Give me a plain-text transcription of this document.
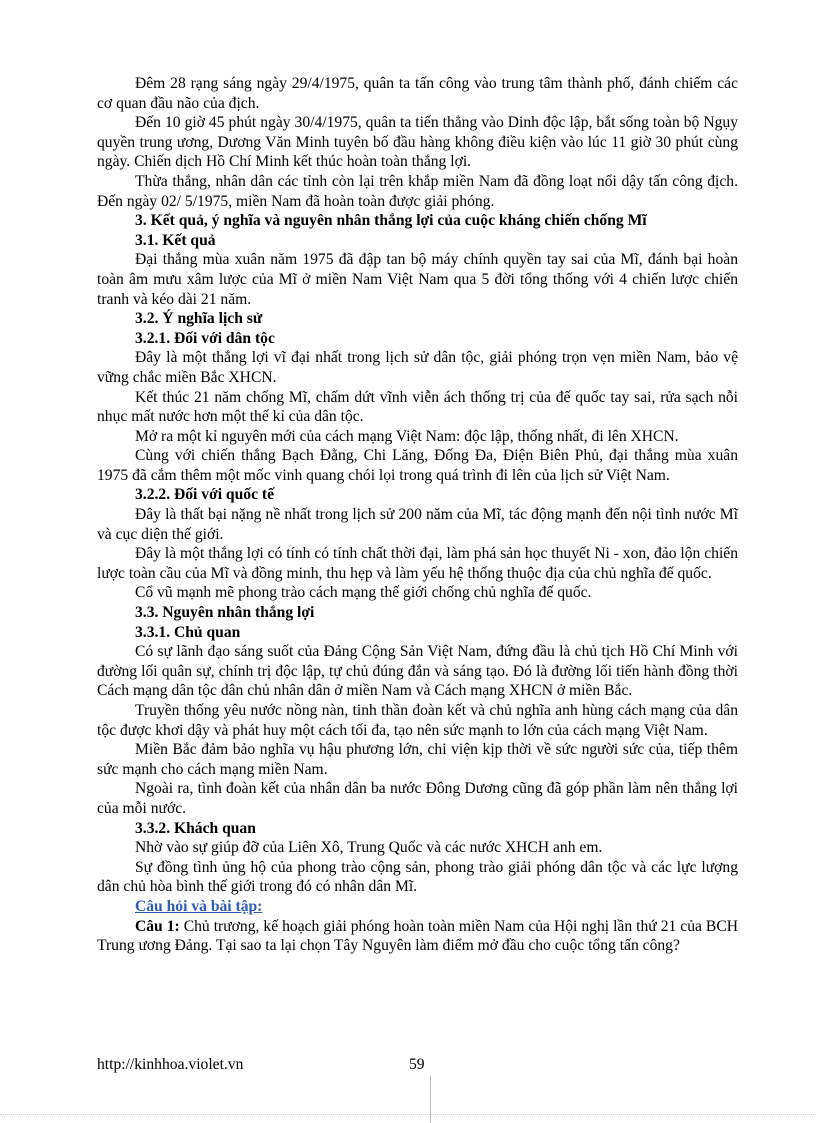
Đêm 28 rạng sáng ngày 29/4/1975, quân ta tấn công vào trung tâm thành phố, đánh chiếm các cơ quan đầu não của địch.

Đến 10 giờ 45 phút ngày 30/4/1975, quân ta tiến thẳng vào Dinh độc lập, bắt sống toàn bộ Ngụy quyền trung ương, Dương Văn Minh tuyên bố đầu hàng không điều kiện vào lúc 11 giờ 30 phút cùng ngày. Chiến dịch Hồ Chí Minh kết thúc hoàn toàn thắng lợi.

Thừa thắng, nhân dân các tỉnh còn lại trên khắp miền Nam đã đồng loạt nổi dậy tấn công địch. Đến ngày 02/ 5/1975, miền Nam đã hoàn toàn được giải phóng.

3. Kết quả, ý nghĩa và nguyên nhân thắng lợi của cuộc kháng chiến chống Mĩ

3.1. Kết quả

Đại thắng mùa xuân năm 1975 đã đập tan bộ máy chính quyền tay sai của Mĩ, đánh bại hoàn toàn âm mưu xâm lược của Mĩ ở miền Nam Việt Nam qua 5 đời tổng thống với 4 chiến lược chiến tranh và kéo dài 21 năm.

3.2. Ý nghĩa lịch sử

3.2.1. Đối với dân tộc

Đây là một thắng lợi vĩ đại nhất trong lịch sử dân tộc, giải phóng trọn vẹn miền Nam, bảo vệ vững chắc miền Bắc XHCN.

Kết thúc 21 năm chống Mĩ, chấm dứt vĩnh viễn ách thống trị của đế quốc tay sai, rửa sạch nỗi nhục mất nước hơn một thế kỉ của dân tộc.

Mở ra một kỉ nguyên mới của cách mạng Việt Nam: độc lập, thống nhất, đi lên XHCN.

Cùng với chiến thắng Bạch Đằng, Chi Lăng, Đống Đa, Điện Biên Phủ, đại thắng mùa xuân 1975 đã cắm thêm một mốc vinh quang chói lọi trong quá trình đi lên của lịch sử Việt Nam.

3.2.2. Đối với quốc tế

Đây là thất bại nặng nề nhất trong lịch sử 200 năm của Mĩ, tác động mạnh đến nội tình nước Mĩ và cục diện thế giới.

Đây là một thắng lợi có tính có tính chất thời đại, làm phá sản học thuyết Ni - xon, đảo lộn chiến lược toàn cầu của Mĩ và đồng minh, thu hẹp và làm yếu hệ thống thuộc địa của chủ nghĩa đế quốc.

Cổ vũ mạnh mẽ phong trào cách mạng thế giới chống chủ nghĩa đế quốc.

3.3. Nguyên nhân thắng lợi

3.3.1. Chủ quan

Có sự lãnh đạo sáng suốt của Đảng Cộng Sản Việt Nam, đứng đầu là chủ tịch Hồ Chí Minh với đường lối quân sự, chính trị độc lập, tự chủ đúng đắn và sáng tạo. Đó là đường lối tiến hành đồng thời Cách mạng dân tộc dân chủ nhân dân ở miền Nam và Cách mạng XHCN ở miền Bắc.

Truyền thống yêu nước nồng nàn, tinh thần đoàn kết và chủ nghĩa anh hùng cách mạng của dân tộc được khơi dậy và phát huy một cách tối đa, tạo nên sức mạnh to lớn của cách mạng Việt Nam.

Miền Bắc đảm bảo nghĩa vụ hậu phương lớn, chi viện kịp thời về sức người sức của, tiếp thêm sức mạnh cho cách mạng miền Nam.

Ngoài ra, tình đoàn kết của nhân dân ba nước Đông Dương cũng đã góp phần làm nên thắng lợi của mỗi nước.

3.3.2. Khách quan

Nhờ vào sự giúp đỡ của Liên Xô, Trung Quốc và các nước XHCH anh em.

Sự đồng tình ủng hộ của phong trào cộng sản, phong trào giải phóng dân tộc và các lực lượng dân chủ hòa bình thế giới trong đó có nhân dân Mĩ.

Câu hỏi và bài tập:

Câu 1: Chủ trương, kế hoạch giải phóng hoàn toàn miền Nam của Hội nghị lần thứ 21 của BCH Trung ương Đảng. Tại sao ta lại chọn Tây Nguyên làm điểm mở đầu cho cuộc tổng tấn công?

http://kinhhoa.violet.vn	59
